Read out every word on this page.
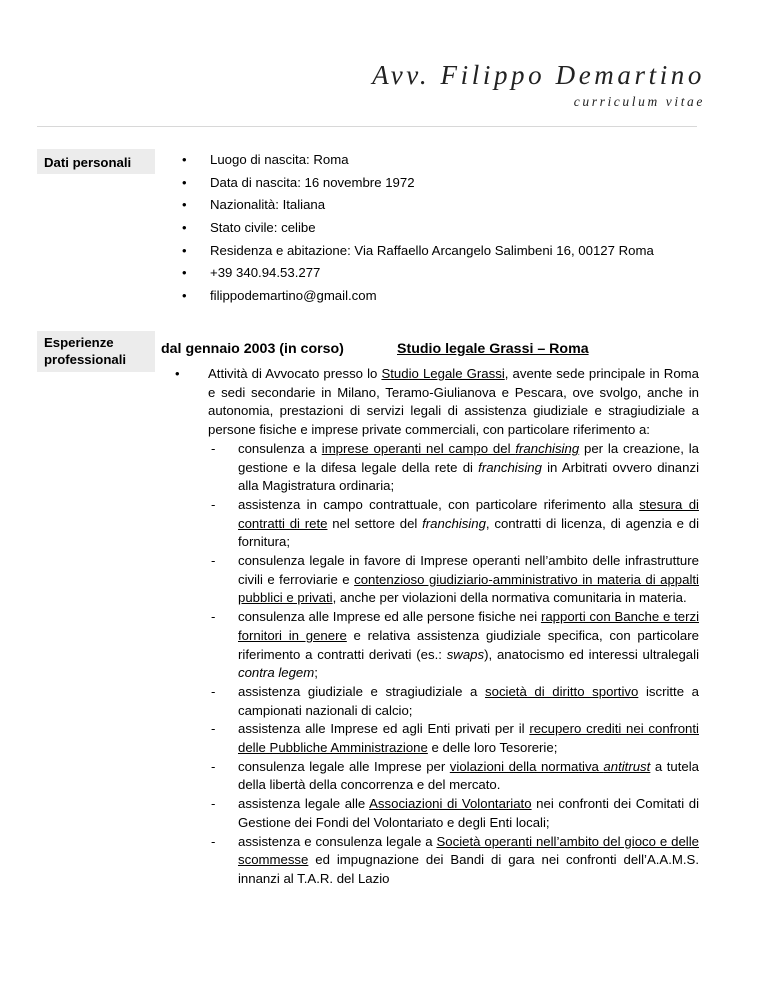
Avv. Filippo Demartino
curriculum vitae
Dati personali
•	Luogo di nascita: Roma
• Data di nascita: 16 novembre 1972
• Nazionalità: Italiana
• Stato civile: celibe
• Residenza e abitazione: Via Raffaello Arcangelo Salimbeni 16, 00127 Roma
• +39 340.94.53.277
• filippodemartino@gmail.com
Esperienze professionali
dal gennaio 2003 (in corso)	Studio legale Grassi – Roma
• Attività di Avvocato presso lo Studio Legale Grassi, avente sede principale in Roma e sedi secondarie in Milano, Teramo-Giulianova e Pescara, ove svolgo, anche in autonomia, prestazioni di servizi legali di assistenza giudiziale e stragiudiziale a persone fisiche e imprese private commerciali, con particolare riferimento a:
- consulenza a imprese operanti nel campo del franchising per la creazione, la gestione e la difesa legale della rete di franchising in Arbitrati ovvero dinanzi alla Magistratura ordinaria;
- assistenza in campo contrattuale, con particolare riferimento alla stesura di contratti di rete nel settore del franchising, contratti di licenza, di agenzia e di fornitura;
- consulenza legale in favore di Imprese operanti nell’ambito delle infrastrutture civili e ferroviarie e contenzioso giudiziario-amministrativo in materia di appalti pubblici e privati, anche per violazioni della normativa comunitaria in materia.
- consulenza alle Imprese ed alle persone fisiche nei rapporti con Banche e terzi fornitori in genere e relativa assistenza giudiziale specifica, con particolare riferimento a contratti derivati (es.: swaps), anatocismo ed interessi ultralegali contra legem;
- assistenza giudiziale e stragiudiziale a società di diritto sportivo iscritte a campionati nazionali di calcio;
- assistenza alle Imprese ed agli Enti privati per il recupero crediti nei confronti delle Pubbliche Amministrazione e delle loro Tesorerie;
- consulenza legale alle Imprese per violazioni della normativa antitrust a tutela della libertà della concorrenza e del mercato.
- assistenza legale alle Associazioni di Volontariato nei confronti dei Comitati di Gestione dei Fondi del Volontariato e degli Enti locali;
- assistenza e consulenza legale a Società operanti nell’ambito del gioco e delle scommesse ed impugnazione dei Bandi di gara nei confronti dell’A.A.M.S. innanzi al T.A.R. del Lazio
